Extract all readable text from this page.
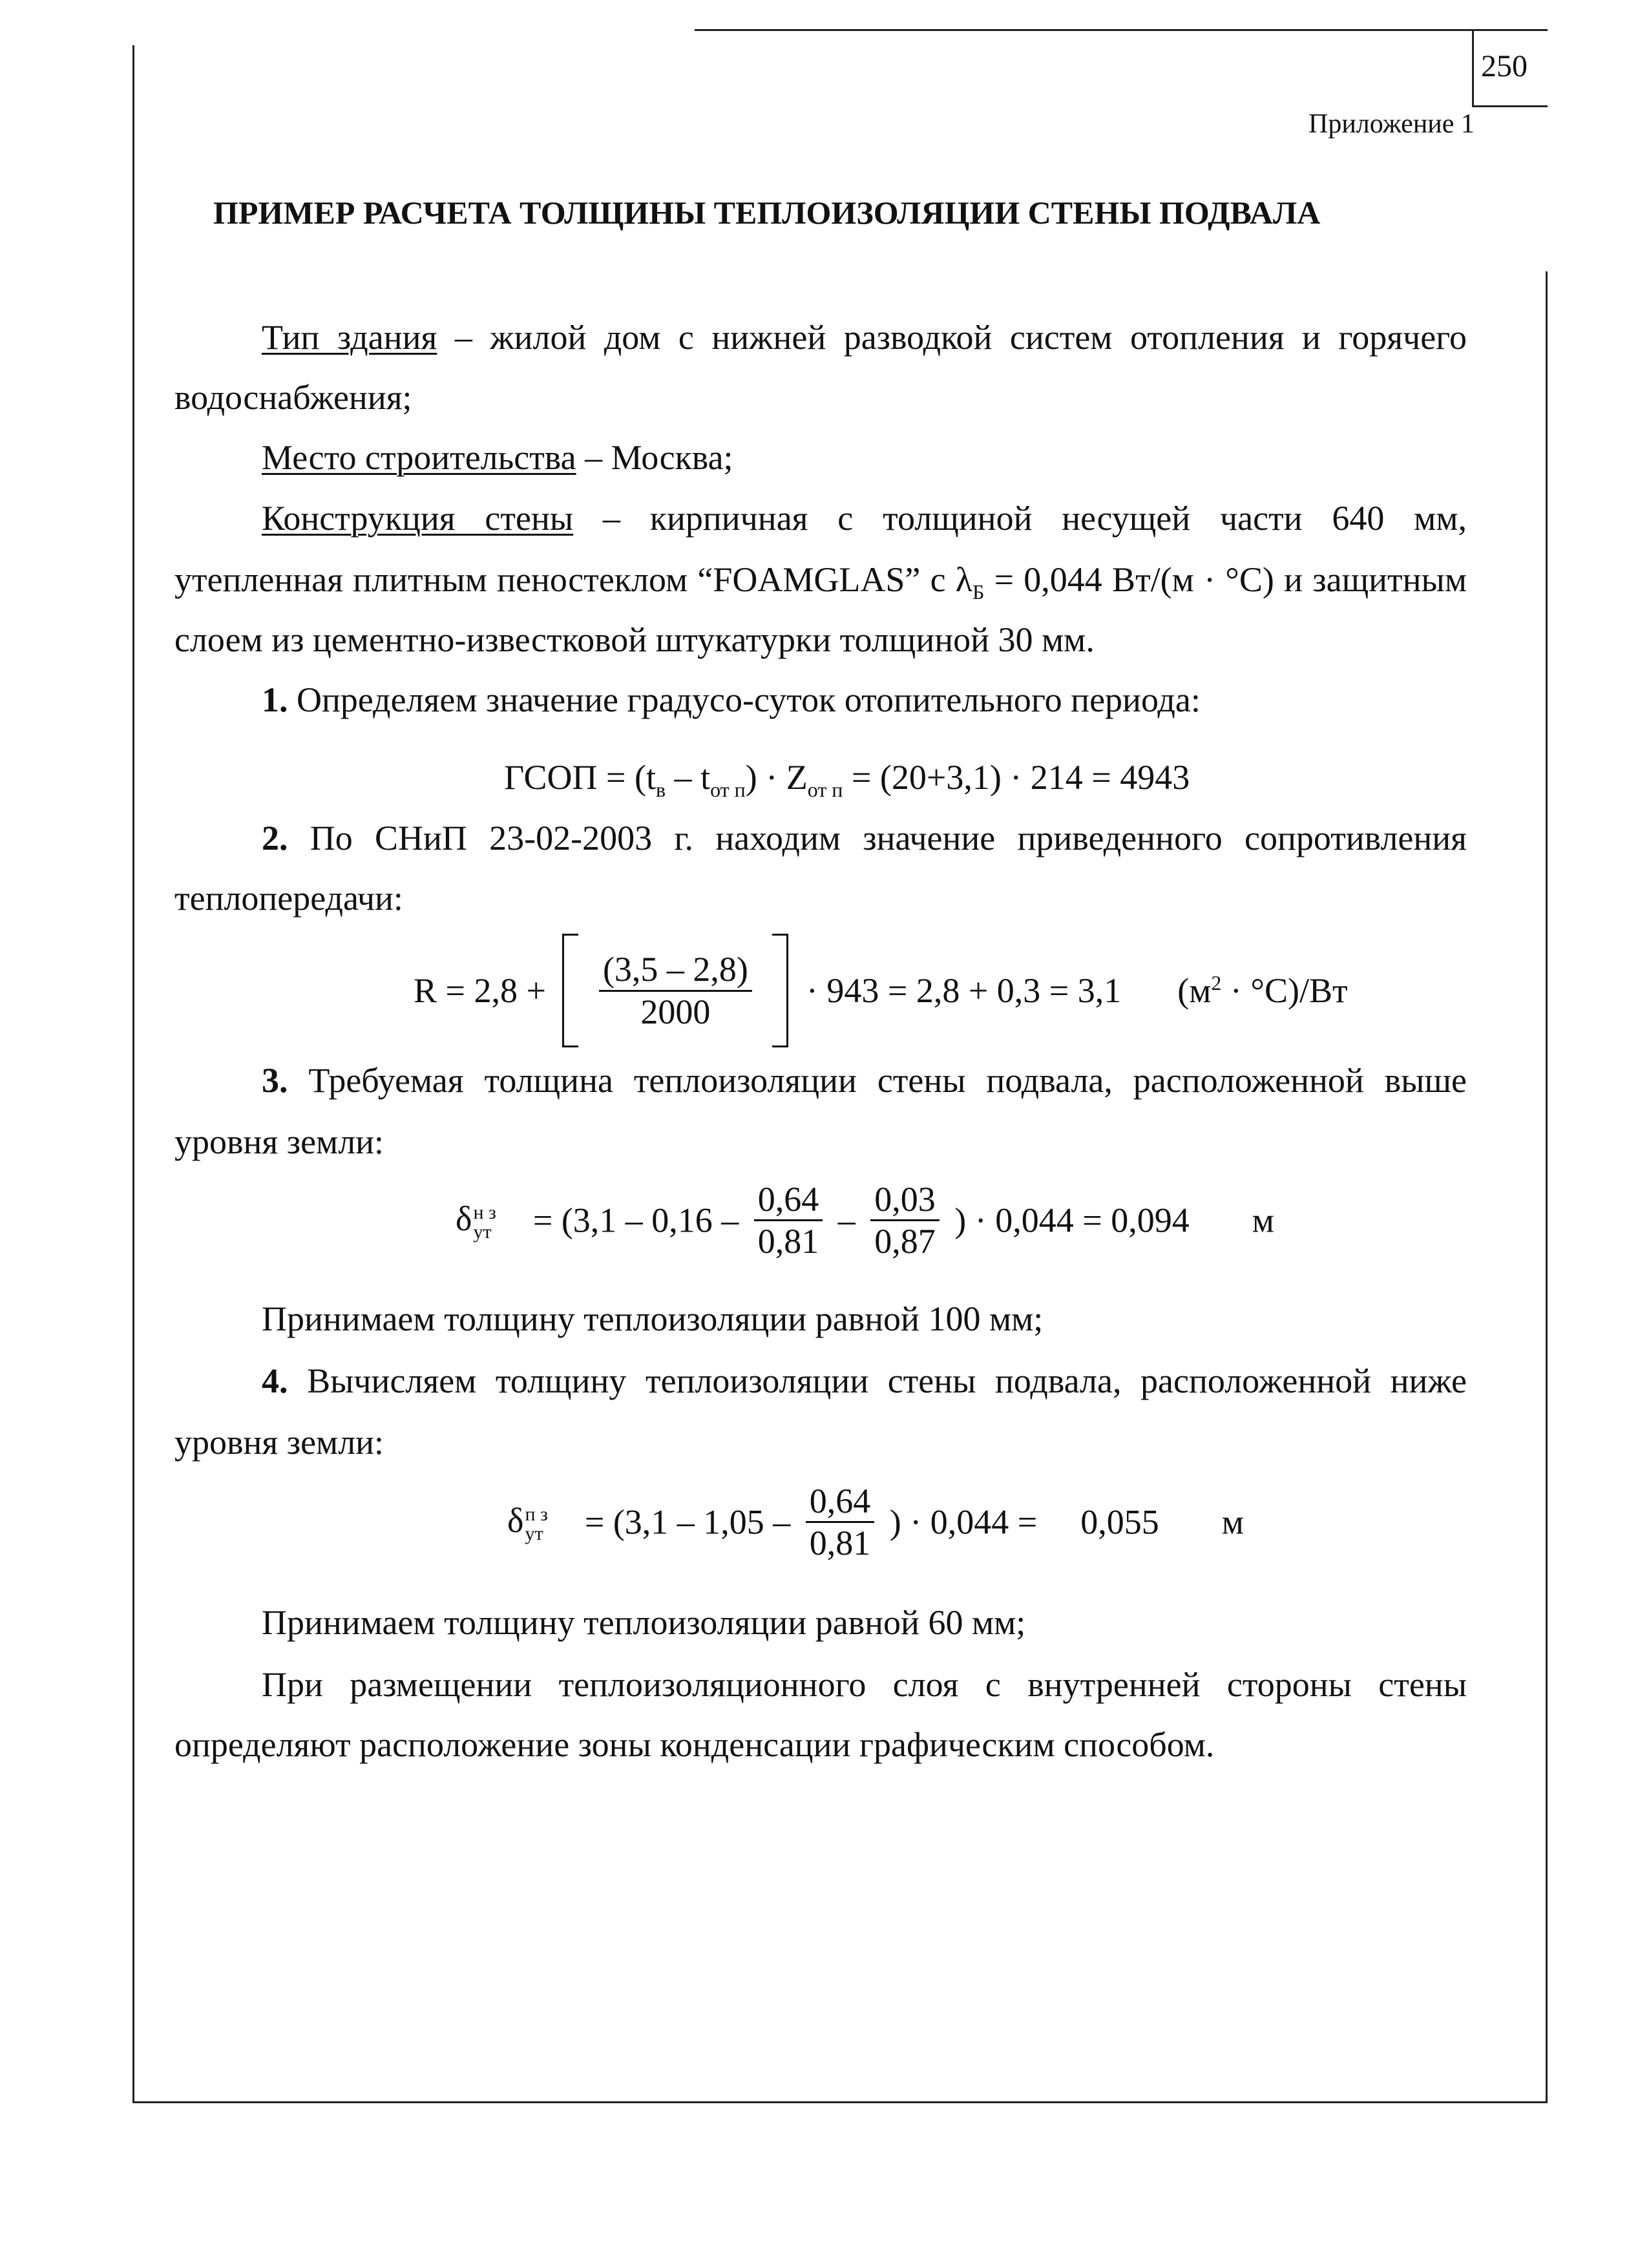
250
Приложение 1
ПРИМЕР РАСЧЕТА ТОЛЩИНЫ ТЕПЛОИЗОЛЯЦИИ СТЕНЫ ПОДВАЛА
Тип здания – жилой дом с нижней разводкой систем отопления и горячего
водоснабжения;
Место строительства – Москва;
Конструкция стены – кирпичная с толщиной несущей части 640 мм,
утепленная плитным пеностеклом “FOAMGLAS” с $\lambda_Б = 0,044$ Вт/(м · °С) и защитным
слоем из цементно-известковой штукатурки толщиной 30 мм.
1. Определяем значение градусо-суток отопительного периода:
ГСОП = $(t_в - t_{от п}) \cdot Z_{от п} = (20+3,1) \cdot 214 = 4943$
2. По СНиП 23-02-2003 г. находим значение приведенного сопротивления
теплопередачи:
$R = 2,8 + \frac{(3,5 - 2,8)}{2000} \cdot 943 = 2,8 + 0,3 = 3,1$ $(м^2 \cdot ^\circ С)/Вт$
3. Требуемая толщина теплоизоляции стены подвала, расположенной выше
уровня земли:
δ н з
ут = ($3,1 - 0,16 - \frac{0,64}{0,81} - \frac{0,03}{0,87}$ ) · 0,044 = 0,094 м
Принимаем толщину теплоизоляции равной 100 мм;
4. Вычисляем толщину теплоизоляции стены подвала, расположенной ниже
уровня земли:
δ п з
ут = ($3,1 - 1,05 - \frac{0,64}{0,81}$ ) · 0,044 = 0,055 м
Принимаем толщину теплоизоляции равной 60 мм;
При размещении теплоизоляционного слоя с внутренней стороны стены
определяют расположение зоны конденсации графическим способом.
